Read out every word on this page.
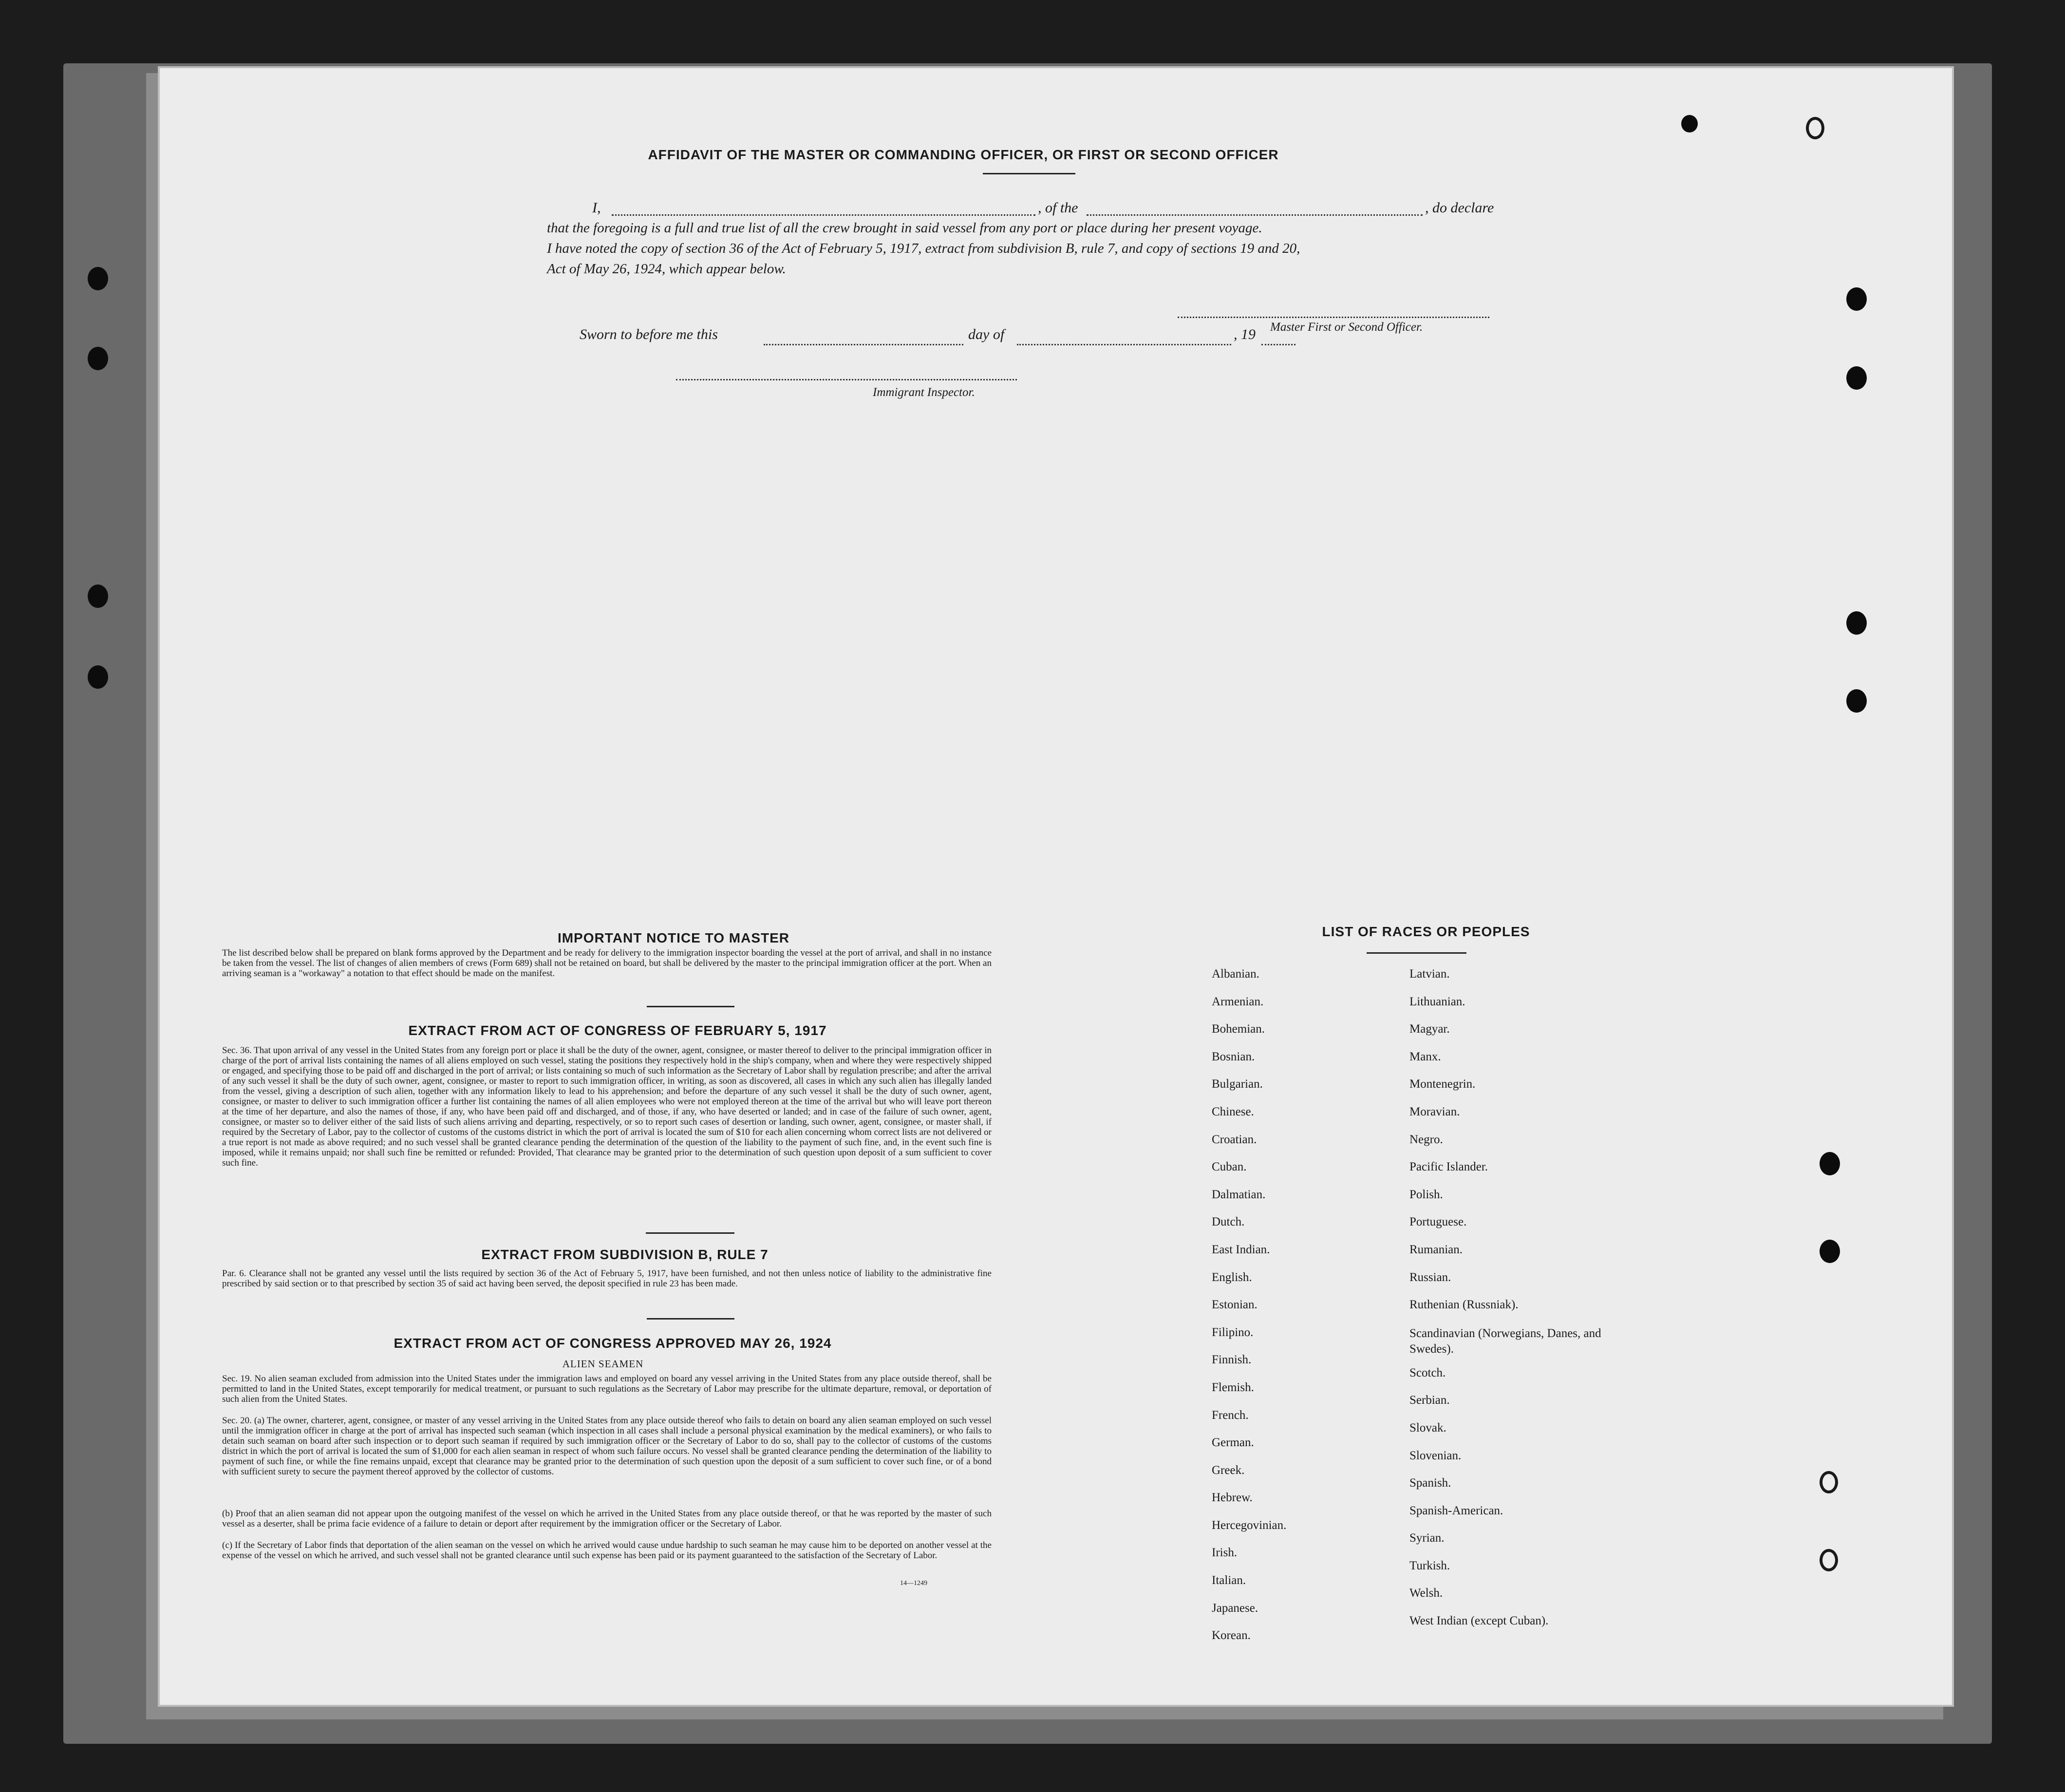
AFFIDAVIT OF THE MASTER OR COMMANDING OFFICER, OR FIRST OR SECOND OFFICER
I,	, of the	, do declare
that the foregoing is a full and true list of all the crew brought in said vessel from any port or place during her present voyage.
I have noted the copy of section 36 of the Act of February 5, 1917, extract from subdivision B, rule 7, and copy of sections 19 and 20,
Act of May 26, 1924, which appear below.
Master First or Second Officer.
Sworn to before me this	day of	, 19
Immigrant Inspector.
IMPORTANT NOTICE TO MASTER
The list described below shall be prepared on blank forms approved by the Department and be ready for delivery to the immigration inspector boarding the vessel at the port of arrival, and shall in no instance be taken from the vessel. The list of changes of alien members of crews (Form 689) shall not be retained on board, but shall be delivered by the master to the principal immigration officer at the port. When an arriving seaman is a "workaway" a notation to that effect should be made on the manifest.
EXTRACT FROM ACT OF CONGRESS OF FEBRUARY 5, 1917
Sec. 36. That upon arrival of any vessel in the United States from any foreign port or place it shall be the duty of the owner, agent, consignee, or master thereof to deliver to the principal immigration officer in charge of the port of arrival lists containing the names of all aliens employed on such vessel, stating the positions they respectively hold in the ship's company, when and where they were respectively shipped or engaged, and specifying those to be paid off and discharged in the port of arrival; or lists containing so much of such information as the Secretary of Labor shall by regulation prescribe; and after the arrival of any such vessel it shall be the duty of such owner, agent, consignee, or master to report to such immigration officer, in writing, as soon as discovered, all cases in which any such alien has illegally landed from the vessel, giving a description of such alien, together with any information likely to lead to his apprehension; and before the departure of any such vessel it shall be the duty of such owner, agent, consignee, or master to deliver to such immigration officer a further list containing the names of all alien employees who were not employed thereon at the time of the arrival but who will leave port thereon at the time of her departure, and also the names of those, if any, who have been paid off and discharged, and of those, if any, who have deserted or landed; and in case of the failure of such owner, agent, consignee, or master so to deliver either of the said lists of such aliens arriving and departing, respectively, or so to report such cases of desertion or landing, such owner, agent, consignee, or master shall, if required by the Secretary of Labor, pay to the collector of customs of the customs district in which the port of arrival is located the sum of $10 for each alien concerning whom correct lists are not delivered or a true report is not made as above required; and no such vessel shall be granted clearance pending the determination of the question of the liability to the payment of such fine, and, in the event such fine is imposed, while it remains unpaid; nor shall such fine be remitted or refunded: Provided, That clearance may be granted prior to the determination of such question upon deposit of a sum sufficient to cover such fine.
EXTRACT FROM SUBDIVISION B, RULE 7
Par. 6. Clearance shall not be granted any vessel until the lists required by section 36 of the Act of February 5, 1917, have been furnished, and not then unless notice of liability to the administrative fine prescribed by said section or to that prescribed by section 35 of said act having been served, the deposit specified in rule 23 has been made.
EXTRACT FROM ACT OF CONGRESS APPROVED MAY 26, 1924
ALIEN SEAMEN
Sec. 19. No alien seaman excluded from admission into the United States under the immigration laws and employed on board any vessel arriving in the United States from any place outside thereof, shall be permitted to land in the United States, except temporarily for medical treatment, or pursuant to such regulations as the Secretary of Labor may prescribe for the ultimate departure, removal, or deportation of such alien from the United States.
Sec. 20. (a) The owner, charterer, agent, consignee, or master of any vessel arriving in the United States from any place outside thereof who fails to detain on board any alien seaman employed on such vessel until the immigration officer in charge at the port of arrival has inspected such seaman (which inspection in all cases shall include a personal physical examination by the medical examiners), or who fails to detain such seaman on board after such inspection or to deport such seaman if required by such immigration officer or the Secretary of Labor to do so, shall pay to the collector of customs of the customs district in which the port of arrival is located the sum of $1,000 for each alien seaman in respect of whom such failure occurs. No vessel shall be granted clearance pending the determination of the liability to payment of such fine, or while the fine remains unpaid, except that clearance may be granted prior to the determination of such question upon the deposit of a sum sufficient to cover such fine, or of a bond with sufficient surety to secure the payment thereof approved by the collector of customs.
(b) Proof that an alien seaman did not appear upon the outgoing manifest of the vessel on which he arrived in the United States from any place outside thereof, or that he was reported by the master of such vessel as a deserter, shall be prima facie evidence of a failure to detain or deport after requirement by the immigration officer or the Secretary of Labor.
(c) If the Secretary of Labor finds that deportation of the alien seaman on the vessel on which he arrived would cause undue hardship to such seaman he may cause him to be deported on another vessel at the expense of the vessel on which he arrived, and such vessel shall not be granted clearance until such expense has been paid or its payment guaranteed to the satisfaction of the Secretary of Labor.
14—1249
LIST OF RACES OR PEOPLES
Albanian.
Armenian.
Bohemian.
Bosnian.
Bulgarian.
Chinese.
Croatian.
Cuban.
Dalmatian.
Dutch.
East Indian.
English.
Estonian.
Filipino.
Finnish.
Flemish.
French.
German.
Greek.
Hebrew.
Hercegovinian.
Irish.
Italian.
Japanese.
Korean.
Latvian.
Lithuanian.
Magyar.
Manx.
Montenegrin.
Moravian.
Negro.
Pacific Islander.
Polish.
Portuguese.
Rumanian.
Russian.
Ruthenian (Russniak).
Scandinavian (Norwegians, Danes, and Swedes).
Scotch.
Serbian.
Slovak.
Slovenian.
Spanish.
Spanish-American.
Syrian.
Turkish.
Welsh.
West Indian (except Cuban).
